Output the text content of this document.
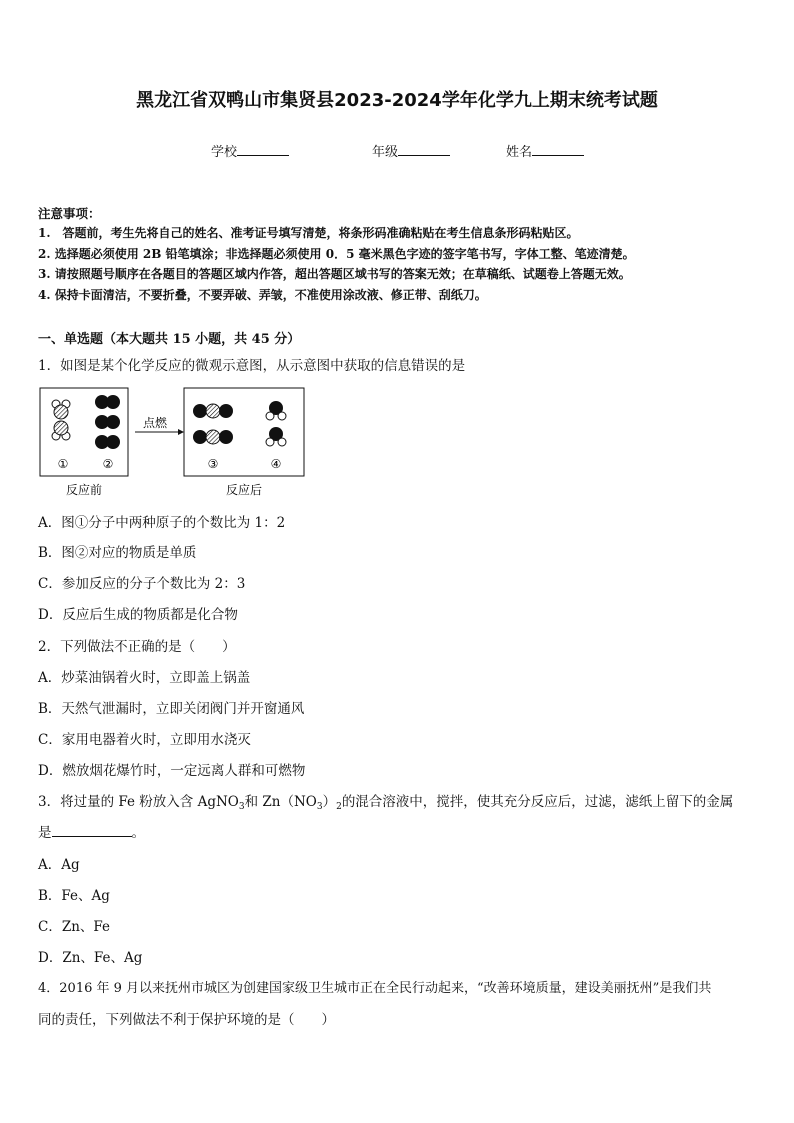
黑龙江省双鸭山市集贤县2023-2024学年化学九上期末统考试题
学校	年级	姓名
注意事项：
1.　答题前，考生先将自己的姓名、准考证号填写清楚，将条形码准确粘贴在考生信息条形码粘贴区。
2. 选择题必须使用 2B 铅笔填涂；非选择题必须使用 0．5 毫米黑色字迹的签字笔书写，字体工整、笔迹清楚。
3. 请按照题号顺序在各题目的答题区域内作答，超出答题区域书写的答案无效；在草稿纸、试题卷上答题无效。
4. 保持卡面清洁，不要折叠，不要弄破、弄皱，不准使用涂改液、修正带、刮纸刀。
一、单选题（本大题共 15 小题，共 45 分）
1．如图是某个化学反应的微观示意图，从示意图中获取的信息错误的是
①	②
反应前
点燃
③	④
反应后
A．图①分子中两种原子的个数比为 1：2
B．图②对应的物质是单质
C．参加反应的分子个数比为 2：3
D．反应后生成的物质都是化合物
2．下列做法不正确的是（　　）
A．炒菜油锅着火时，立即盖上锅盖
B．天然气泄漏时，立即关闭阀门并开窗通风
C．家用电器着火时，立即用水浇灭
D．燃放烟花爆竹时，一定远离人群和可燃物
3．将过量的 Fe 粉放入含 AgNO$_3$和 $Zn(NO_3)_2$的混合溶液中，搅拌，使其充分反应后，过滤，滤纸上留下的金属
是	。
A．Ag
B．Fe、Ag
C．Zn、Fe
D．Zn、Fe、Ag
4．2016 年 9 月以来抚州市城区为创建国家级卫生城市正在全民行动起来，“改善环境质量，建设美丽抚州”是我们共
同的责任，下列做法不利于保护环境的是（　　）
